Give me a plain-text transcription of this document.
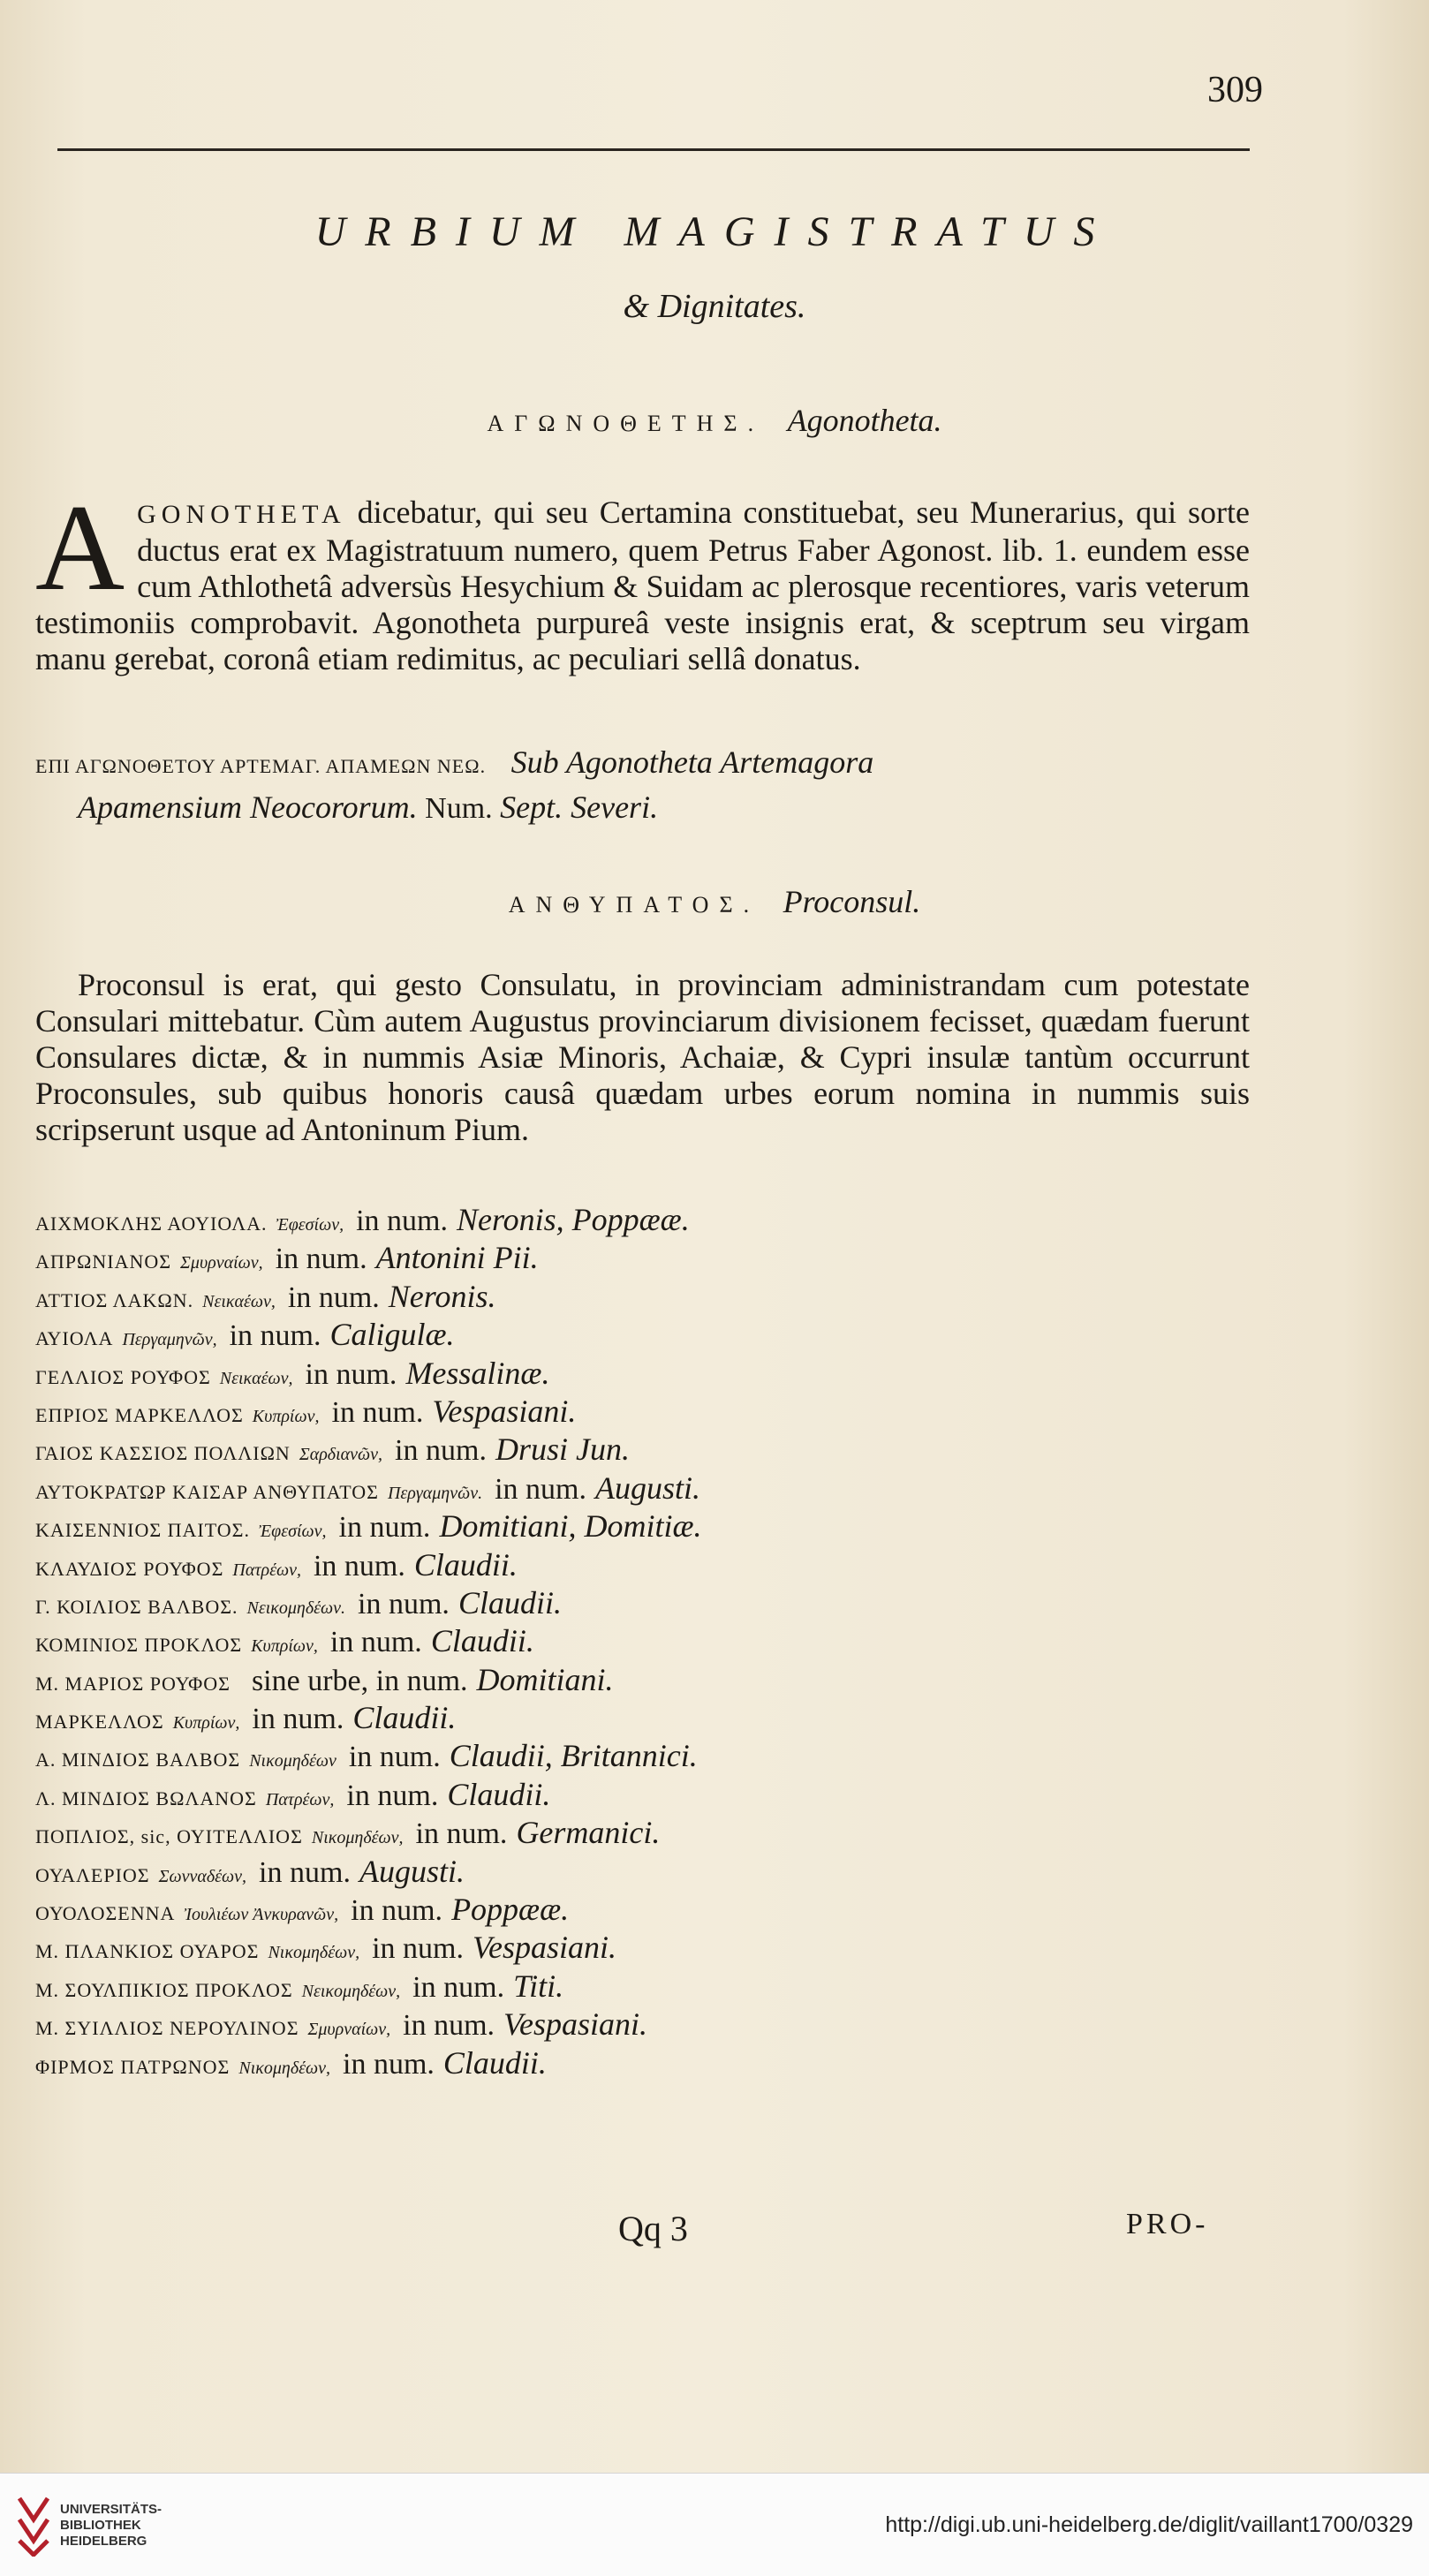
309
URBIUM MAGISTRATUS
& Dignitates.
ΑΓΩΝΟΘΕΤΗΣ. Agonotheta.

AGONOTHETA dicebatur, qui seu Certamina constituebat, seu Munerarius, qui sorte ductus erat ex Magistratuum numero, quem Petrus Faber Agonost. lib. 1. eundem esse cum Athlothetâ adversùs Hesychium & Suidam ac plerosque recentiores, varis veterum testimoniis comprobavit. Agonotheta purpureâ veste insignis erat, & sceptrum seu virgam manu gerebat, coronâ etiam redimitus, ac peculiari sellâ donatus.

ΕΠΙ ΑΓΩΝΟΘΕΤΟΥ ΑΡΤΕΜΑΓ. ΑΠΑΜΕΩΝ ΝΕΩ. Sub Agonotheta Artemagora
Apamensium Neocororum. Num. Sept. Severi.
ΑΝΘΥΠΑΤΟΣ. Proconsul.

Proconsul is erat, qui gesto Consulatu, in provinciam administrandam cum potestate Consulari mittebatur. Cùm autem Augustus provinciarum divisionem fecisset, quædam fuerunt Consulares dictæ, & in nummis Asiæ Minoris, Achaiæ, & Cypri insulæ tantùm occurrunt Proconsules, sub quibus honoris causâ quædam urbes eorum nomina in nummis suis scripserunt usque ad Antoninum Pium.

ΑΙΧΜΟΚΛΗΣ ΑΟΥΙΟΛΑ. Ἐφεσίων, in num. Neronis, Poppææ.
ΑΠΡΩΝΙΑΝΟΣ Σμυρναίων, in num. Antonini Pii.
ΑΤΤΙΟΣ ΛΑΚΩΝ. Νεικαέων, in num. Neronis.
ΑΥΙΟΛΑ Περγαμηνῶν, in num. Caligulæ.
ΓΕΛΛΙΟΣ ΡΟΥΦΟΣ Νεικαέων, in num. Messalinæ.
ΕΠΡΙΟΣ ΜΑΡΚΕΛΛΟΣ Κυπρίων, in num. Vespasiani.
ΓΑΙΟΣ ΚΑΣΣΙΟΣ ΠΟΛΛΙΩΝ Σαρδιανῶν, in num. Drusi Jun.
ΑΥΤΟΚΡΑΤΩΡ ΚΑΙΣΑΡ ΑΝΘΥΠΑΤΟΣ Περγαμηνῶν. in num. Augusti.
ΚΑΙΣΕΝΝΙΟΣ ΠΑΙΤΟΣ. Ἐφεσίων, in num. Domitiani, Domitiæ.
ΚΛΑΥΔΙΟΣ ΡΟΥΦΟΣ Πατρέων, in num. Claudii.
Γ. ΚΟΙΛΙΟΣ ΒΑΛΒΟΣ. Νεικομηδέων. in num. Claudii.
ΚΟΜΙΝΙΟΣ ΠΡΟΚΛΟΣ Κυπρίων, in num. Claudii.
Μ. ΜΑΡΙΟΣ ΡΟΥΦΟΣ sine urbe, in num. Domitiani.
ΜΑΡΚΕΛΛΟΣ Κυπρίων, in num. Claudii.
Α. ΜΙΝΔΙΟΣ ΒΑΛΒΟΣ Νικομηδέων in num. Claudii, Britannici.
Λ. ΜΙΝΔΙΟΣ ΒΩΛΑΝΟΣ Πατρέων, in num. Claudii.
ΠΟΠΛΙΟΣ, sic, ΟΥΙΤΕΛΛΙΟΣ Νικομηδέων, in num. Germanici.
ΟΥΑΛΕΡΙΟΣ Σωνναδέων, in num. Augusti.
ΟΥΟΛΟΣΕΝΝΑ Ἰουλιέων Ἀνκυρανῶν, in num. Poppææ.
Μ. ΠΛΑΝΚΙΟΣ ΟΥΑΡΟΣ Νικομηδέων, in num. Vespasiani.
Μ. ΣΟΥΛΠΙΚΙΟΣ ΠΡΟΚΛΟΣ Νεικομηδέων, in num. Titi.
Μ. ΣΥΙΛΛΙΟΣ ΝΕΡΟΥΛΙΝΟΣ Σμυρναίων, in num. Vespasiani.
ΦΙΡΜΟΣ ΠΑΤΡΩΝΟΣ Νικομηδέων, in num. Claudii.
Qq 3	PRO-
UNIVERSITÄTS-
BIBLIOTHEK
HEIDELBERG
http://digi.ub.uni-heidelberg.de/diglit/vaillant1700/0329
